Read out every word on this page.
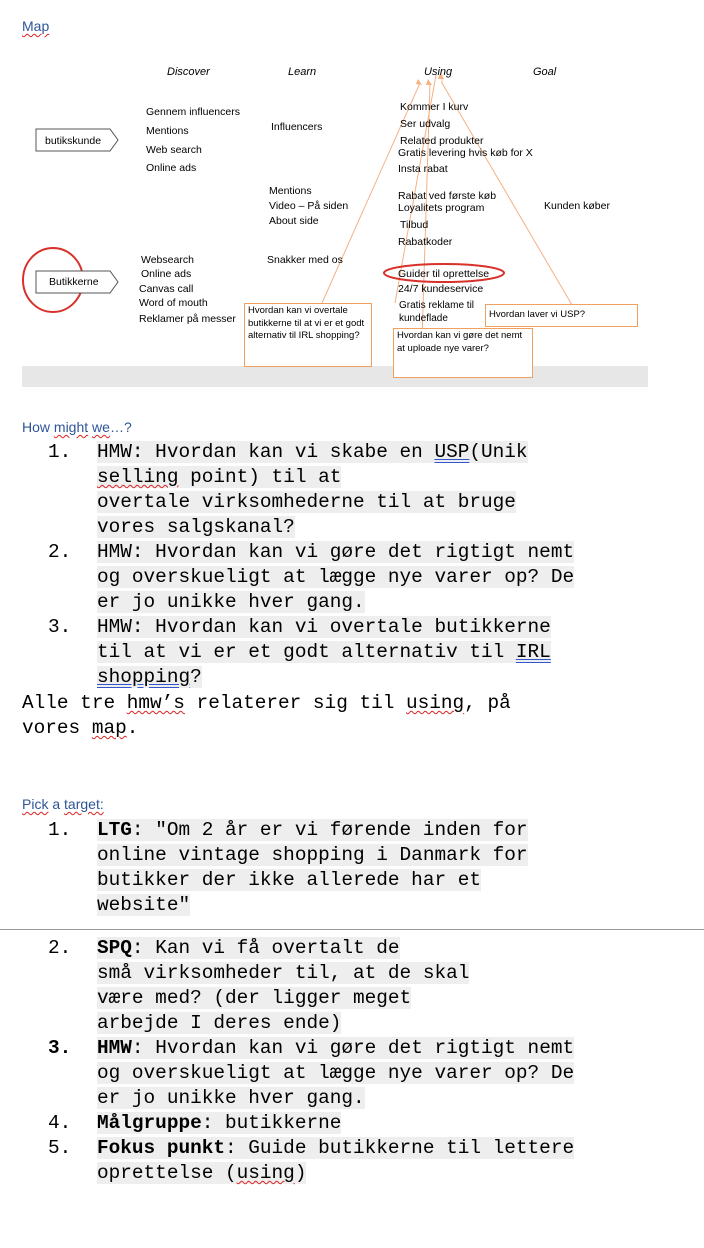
Map
Discover	Learn	Using	Goal
butikskunde
Butikkerne
Gennem influencers
Mentions
Web search
Online ads
Influencers
Mentions
Video – På siden
About side
Kommer I kurv
Ser udvalg
Related produkter
Gratis levering hvis køb for X
Insta rabat
Rabat ved første køb
Loyalitets program
Tilbud
Rabatkoder
Kunden køber
Websearch
Online ads
Canvas call
Word of mouth
Reklamer på messer
Snakker med os
Guider til oprettelse
24/7 kundeservice
Gratis reklame til kundeflade
Hvordan kan vi overtale butikkerne til at vi er et godt alternativ til IRL shopping?	Hvordan kan vi gøre det nemt at uploade nye varer?
Hvordan laver vi USP?
How might we…?
1. HMW: Hvordan kan vi skabe en USP(Unik
selling point) til at
overtale virksomhederne til at bruge
vores salgskanal?
2. HMW: Hvordan kan vi gøre det rigtigt nemt
og overskueligt at lægge nye varer op? De
er jo unikke hver gang.
3. HMW: Hvordan kan vi overtale butikkerne
til at vi er et godt alternativ til IRL
shopping?
Alle tre hmw’s relaterer sig til using, på
vores map.
Pick a target:
1. LTG: "Om 2 år er vi førende inden for
online vintage shopping i Danmark for
butikker der ikke allerede har et
website"
2. SPQ: Kan vi få overtalt de
små virksomheder til, at de skal
være med? (der ligger meget
arbejde I deres ende)
3. HMW: Hvordan kan vi gøre det rigtigt nemt
og overskueligt at lægge nye varer op? De
er jo unikke hver gang.
4. Målgruppe: butikkerne
5. Fokus punkt: Guide butikkerne til lettere
oprettelse (using)
